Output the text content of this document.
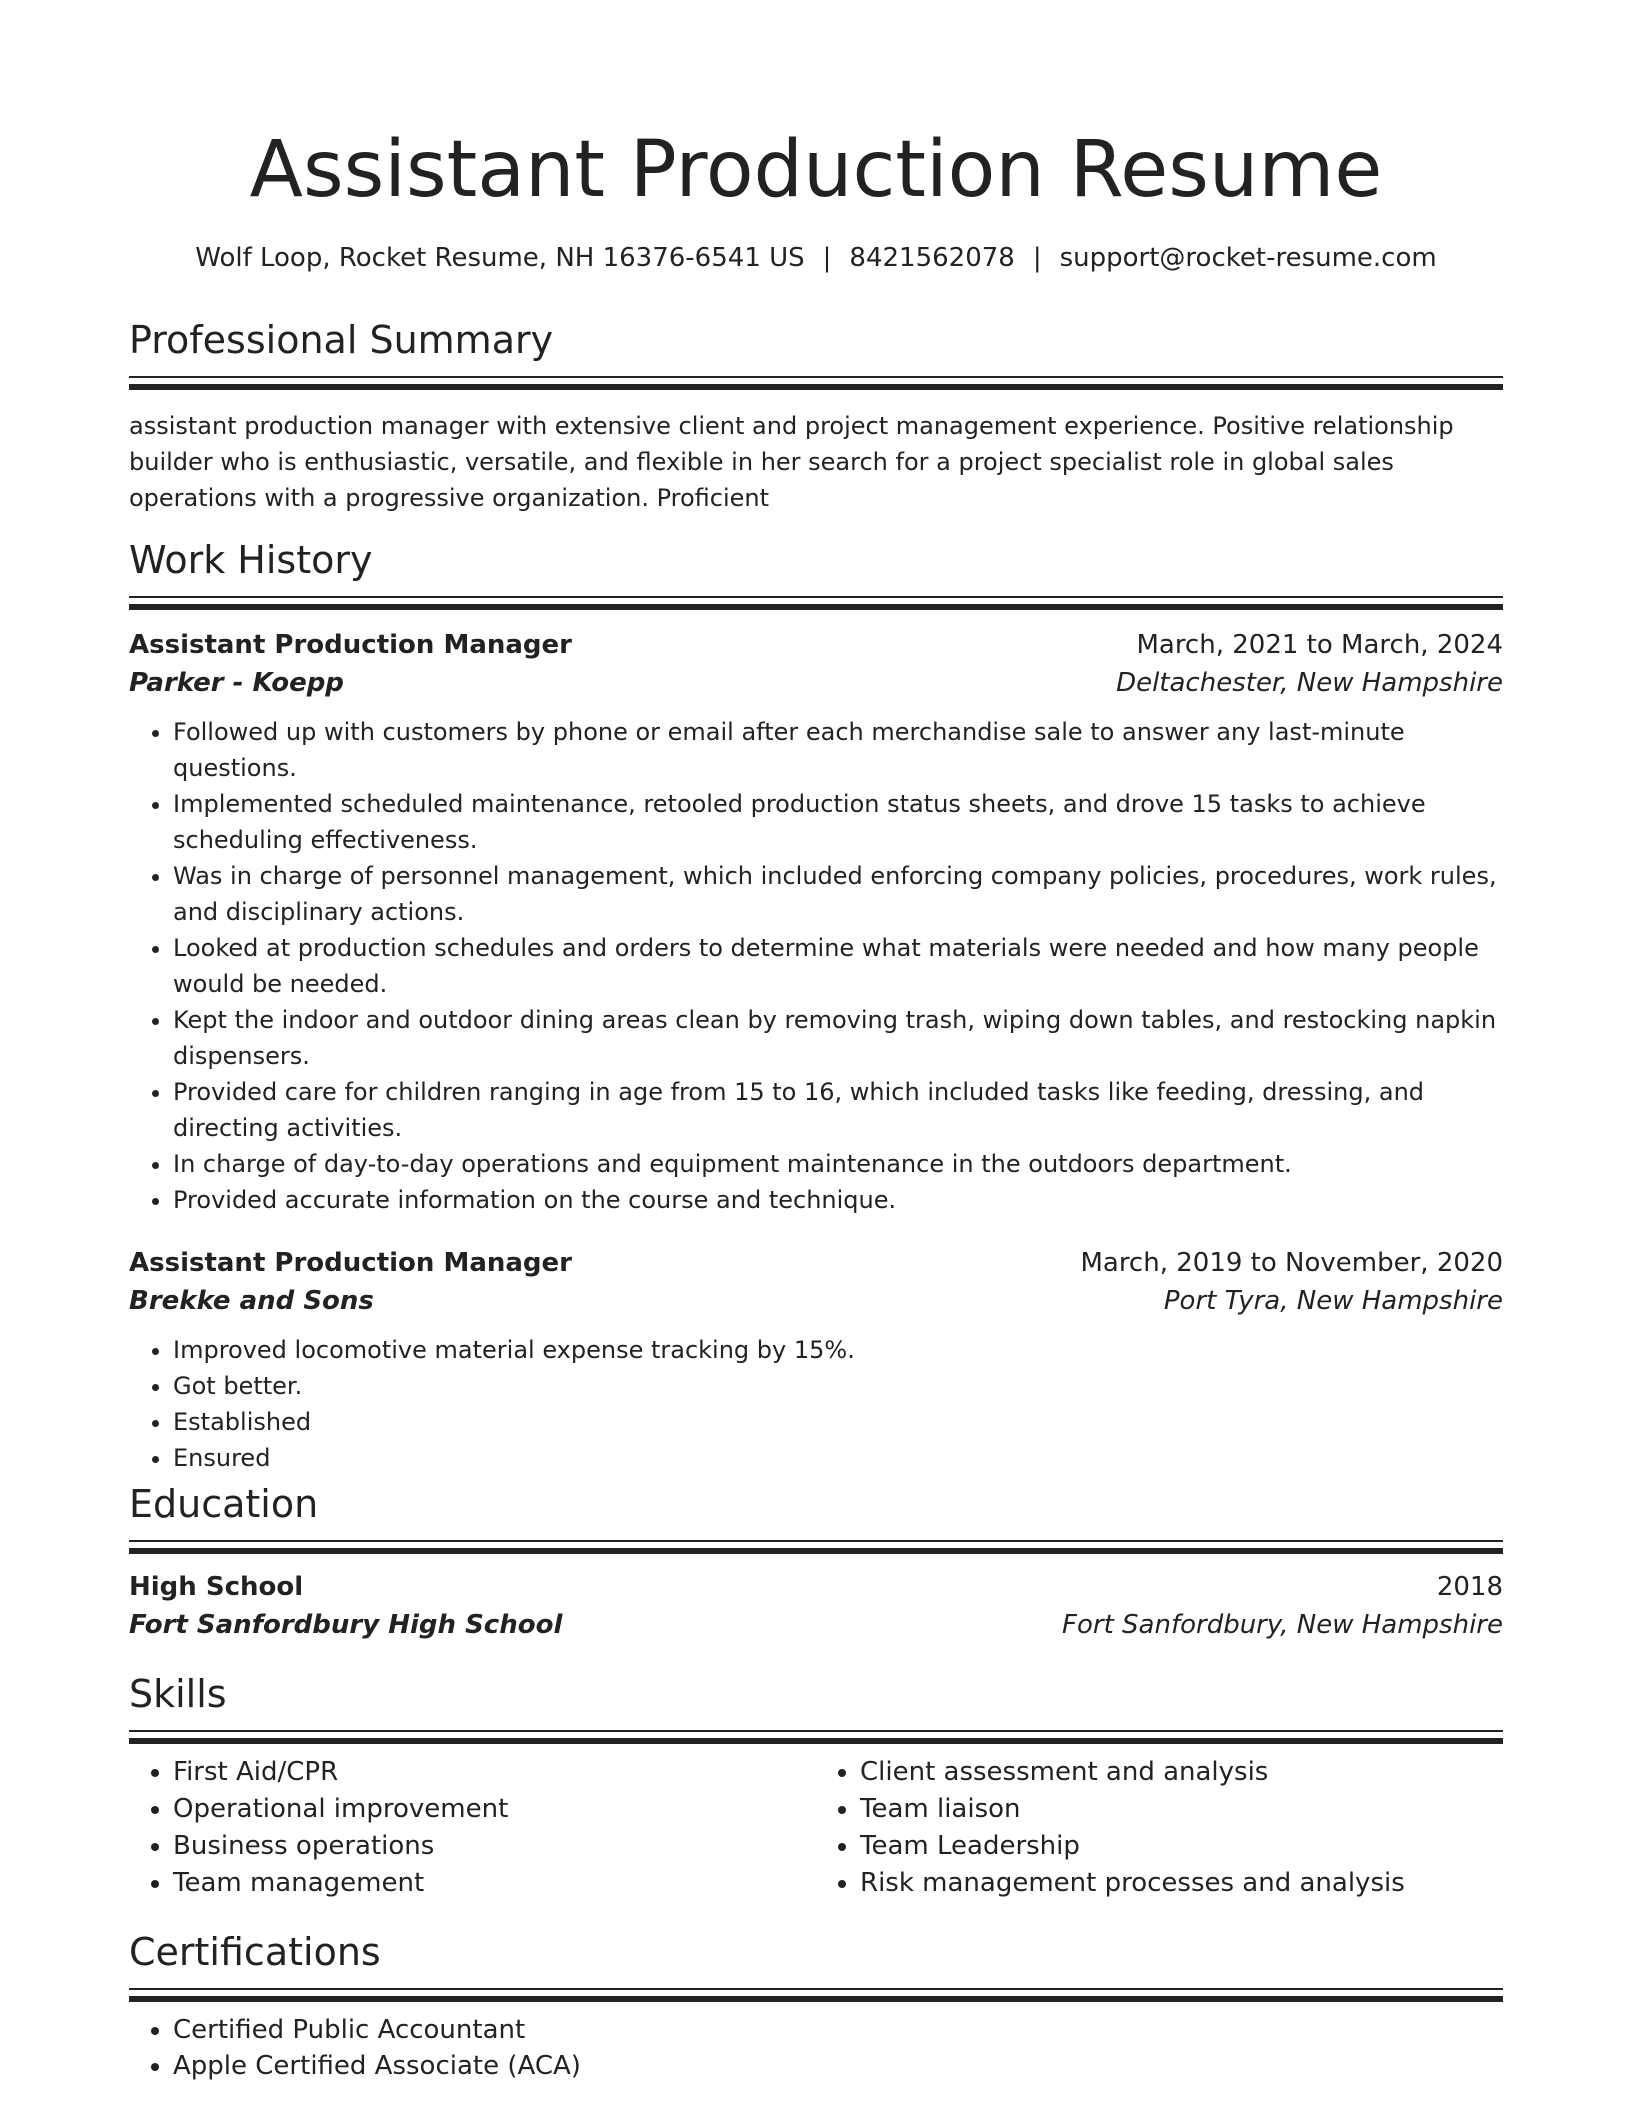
Assistant Production Resume
Wolf Loop, Rocket Resume, NH 16376-6541 US | 8421562078 | support@rocket-resume.com
Professional Summary
assistant production manager with extensive client and project management experience. Positive relationship builder who is enthusiastic, versatile, and flexible in her search for a project specialist role in global sales operations with a progressive organization. Proficient
Work History
Assistant Production Manager	March, 2021 to March, 2024
Parker - Koepp	Deltachester, New Hampshire
• Followed up with customers by phone or email after each merchandise sale to answer any last-minute questions.
• Implemented scheduled maintenance, retooled production status sheets, and drove 15 tasks to achieve scheduling effectiveness.
• Was in charge of personnel management, which included enforcing company policies, procedures, work rules, and disciplinary actions.
• Looked at production schedules and orders to determine what materials were needed and how many people would be needed.
• Kept the indoor and outdoor dining areas clean by removing trash, wiping down tables, and restocking napkin dispensers.
• Provided care for children ranging in age from 15 to 16, which included tasks like feeding, dressing, and directing activities.
• In charge of day-to-day operations and equipment maintenance in the outdoors department.
• Provided accurate information on the course and technique.
Assistant Production Manager	March, 2019 to November, 2020
Brekke and Sons	Port Tyra, New Hampshire
• Improved locomotive material expense tracking by 15%.
• Got better.
• Established
• Ensured
Education
High School	2018
Fort Sanfordbury High School	Fort Sanfordbury, New Hampshire
Skills
• First Aid/CPR
• Operational improvement
• Business operations
• Team management
• Client assessment and analysis
• Team liaison
• Team Leadership
• Risk management processes and analysis
Certifications
• Certified Public Accountant
• Apple Certified Associate (ACA)
